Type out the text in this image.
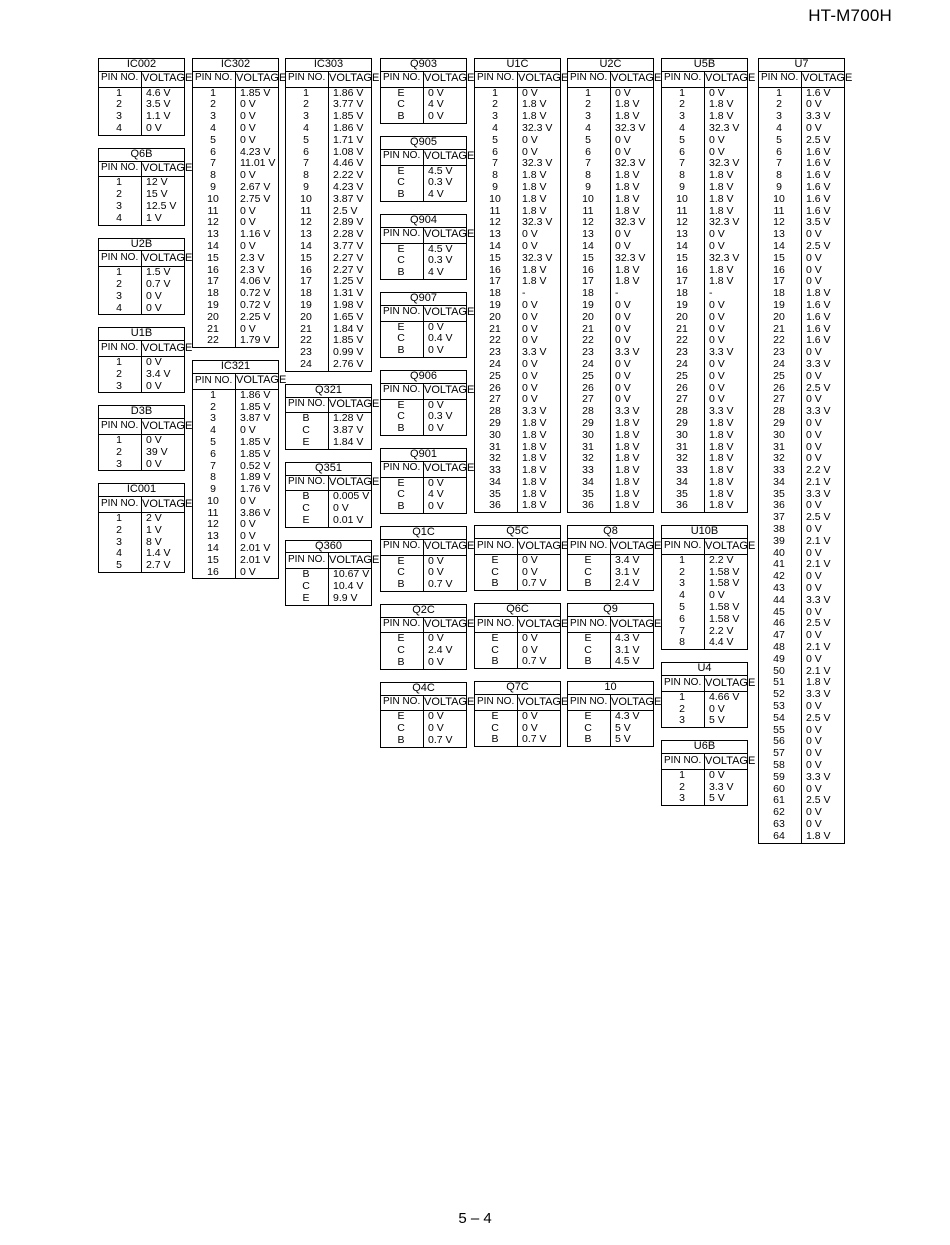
HT-M700H
IC002	
PIN NO.	VOLTAGE
1	4.6 V
2	3.5 V
3	1.1 V
4	0 V
Q6B	
PIN NO.	VOLTAGE
1	12 V
2	15 V
3	12.5 V
4	1 V
U2B	
PIN NO.	VOLTAGE
1	1.5 V
2	0.7 V
3	0 V
4	0 V
U1B	
PIN NO.	VOLTAGE
1	0 V
2	3.4 V
3	0 V
D3B	
PIN NO.	VOLTAGE
1	0 V
2	39 V
3	0 V
IC001	
PIN NO.	VOLTAGE
1	2 V
2	1 V
3	8 V
4	1.4 V
5	2.7 V
IC302	
PIN NO.	VOLTAGE
1	1.85 V
2	0 V
3	0 V
4	0 V
5	0 V
6	4.23 V
7	11.01 V
8	0 V
9	2.67 V
10	2.75 V
11	0 V
12	0 V
13	1.16 V
14	0 V
15	2.3 V
16	2.3 V
17	4.06 V
18	0.72 V
19	0.72 V
20	2.25 V
21	0 V
22	1.79 V
IC321	
PIN NO.	VOLTAGE
1	1.86 V
2	1.85 V
3	3.87 V
4	0 V
5	1.85 V
6	1.85 V
7	0.52 V
8	1.89 V
9	1.76 V
10	0 V
11	3.86 V
12	0 V
13	0 V
14	2.01 V
15	2.01 V
16	0 V
IC303	
PIN NO.	VOLTAGE
1	1.86 V
2	3.77 V
3	1.85 V
4	1.86 V
5	1.71 V
6	1.08 V
7	4.46 V
8	2.22 V
9	4.23 V
10	3.87 V
11	2.5 V
12	2.89 V
13	2.28 V
14	3.77 V
15	2.27 V
16	2.27 V
17	1.25 V
18	1.31 V
19	1.98 V
20	1.65 V
21	1.84 V
22	1.85 V
23	0.99 V
24	2.76 V
Q321	
PIN NO.	VOLTAGE
B	1.28 V
C	3.87 V
E	1.84 V
Q351	
PIN NO.	VOLTAGE
B	0.005 V
C	0 V
E	0.01 V
Q360	
PIN NO.	VOLTAGE
B	10.67 V
C	10.4 V
E	9.9 V
Q903	
PIN NO.	VOLTAGE
E	0 V
C	4 V
B	0 V
Q905	
PIN NO.	VOLTAGE
E	4.5 V
C	0.3 V
B	4 V
Q904	
PIN NO.	VOLTAGE
E	4.5 V
C	0.3 V
B	4 V
Q907	
PIN NO.	VOLTAGE
E	0 V
C	0.4 V
B	0 V
Q906	
PIN NO.	VOLTAGE
E	0 V
C	0.3 V
B	0 V
Q901	
PIN NO.	VOLTAGE
E	0 V
C	4 V
B	0 V
Q1C	
PIN NO.	VOLTAGE
E	0 V
C	0 V
B	0.7 V
Q2C	
PIN NO.	VOLTAGE
E	0 V
C	2.4 V
B	0 V
Q4C	
PIN NO.	VOLTAGE
E	0 V
C	0 V
B	0.7 V
U1C	
PIN NO.	VOLTAGE
1	0 V
2	1.8 V
3	1.8 V
4	32.3 V
5	0 V
6	0 V
7	32.3 V
8	1.8 V
9	1.8 V
10	1.8 V
11	1.8 V
12	32.3 V
13	0 V
14	0 V
15	32.3 V
16	1.8 V
17	1.8 V
18	-
19	0 V
20	0 V
21	0 V
22	0 V
23	3.3 V
24	0 V
25	0 V
26	0 V
27	0 V
28	3.3 V
29	1.8 V
30	1.8 V
31	1.8 V
32	1.8 V
33	1.8 V
34	1.8 V
35	1.8 V
36	1.8 V
Q5C	
PIN NO.	VOLTAGE
E	0 V
C	0 V
B	0.7 V
Q6C	
PIN NO.	VOLTAGE
E	0 V
C	0 V
B	0.7 V
Q7C	
PIN NO.	VOLTAGE
E	0 V
C	0 V
B	0.7 V
U2C	
PIN NO.	VOLTAGE
1	0 V
2	1.8 V
3	1.8 V
4	32.3 V
5	0 V
6	0 V
7	32.3 V
8	1.8 V
9	1.8 V
10	1.8 V
11	1.8 V
12	32.3 V
13	0 V
14	0 V
15	32.3 V
16	1.8 V
17	1.8 V
18	-
19	0 V
20	0 V
21	0 V
22	0 V
23	3.3 V
24	0 V
25	0 V
26	0 V
27	0 V
28	3.3 V
29	1.8 V
30	1.8 V
31	1.8 V
32	1.8 V
33	1.8 V
34	1.8 V
35	1.8 V
36	1.8 V
Q8	
PIN NO.	VOLTAGE
E	3.4 V
C	3.1 V
B	2.4 V
Q9	
PIN NO.	VOLTAGE
E	4.3 V
C	3.1 V
B	4.5 V
10	
PIN NO.	VOLTAGE
E	4.3 V
C	5 V
B	5 V
U5B	
PIN NO.	VOLTAGE
1	0 V
2	1.8 V
3	1.8 V
4	32.3 V
5	0 V
6	0 V
7	32.3 V
8	1.8 V
9	1.8 V
10	1.8 V
11	1.8 V
12	32.3 V
13	0 V
14	0 V
15	32.3 V
16	1.8 V
17	1.8 V
18	-
19	0 V
20	0 V
21	0 V
22	0 V
23	3.3 V
24	0 V
25	0 V
26	0 V
27	0 V
28	3.3 V
29	1.8 V
30	1.8 V
31	1.8 V
32	1.8 V
33	1.8 V
34	1.8 V
35	1.8 V
36	1.8 V
U10B	
PIN NO.	VOLTAGE
1	2.2 V
2	1.58 V
3	1.58 V
4	0 V
5	1.58 V
6	1.58 V
7	2.2 V
8	4.4 V
U4	
PIN NO.	VOLTAGE
1	4.66 V
2	0 V
3	5 V
U6B	
PIN NO.	VOLTAGE
1	0 V
2	3.3 V
3	5 V
U7	
PIN NO.	VOLTAGE
1	1.6 V
2	0 V
3	3.3 V
4	0 V
5	2.5 V
6	1.6 V
7	1.6 V
8	1.6 V
9	1.6 V
10	1.6 V
11	1.6 V
12	3.5 V
13	0 V
14	2.5 V
15	0 V
16	0 V
17	0 V
18	1.8 V
19	1.6 V
20	1.6 V
21	1.6 V
22	1.6 V
23	0 V
24	3.3 V
25	0 V
26	2.5 V
27	0 V
28	3.3 V
29	0 V
30	0 V
31	0 V
32	0 V
33	2.2 V
34	2.1 V
35	3.3 V
36	0 V
37	2.5 V
38	0 V
39	2.1 V
40	0 V
41	2.1 V
42	0 V
43	0 V
44	3.3 V
45	0 V
46	2.5 V
47	0 V
48	2.1 V
49	0 V
50	2.1 V
51	1.8 V
52	3.3 V
53	0 V
54	2.5 V
55	0 V
56	0 V
57	0 V
58	0 V
59	3.3 V
60	0 V
61	2.5 V
62	0 V
63	0 V
64	1.8 V
5 – 4
